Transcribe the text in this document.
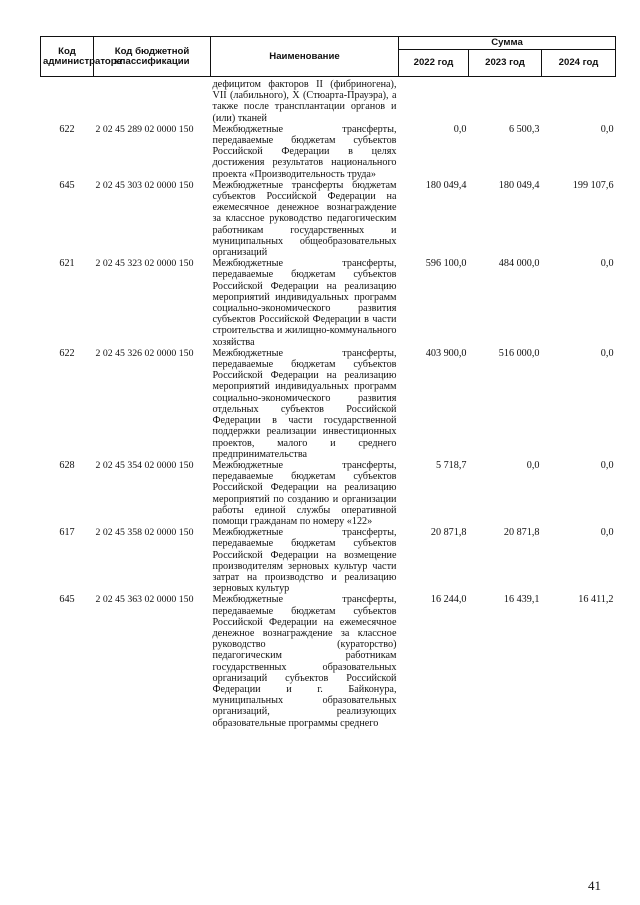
Код администратора	Код бюджетной классификации	Наименование	Сумма		
			2022 год	2023 год	2024 год
		дефицитом факторов II (фибриногена), VII (лабильного), X (Стюарта-Прауэра), а также после трансплантации органов и (или) тканей			
622	2 02 45 289 02 0000 150	Межбюджетные трансферты, передаваемые бюджетам субъектов Российской Федерации в целях достижения результатов национального проекта «Производительность труда»	0,0	6 500,3	0,0
645	2 02 45 303 02 0000 150	Межбюджетные трансферты бюджетам субъектов Российской Федерации на ежемесячное денежное вознаграждение за классное руководство педагогическим работникам государственных и муниципальных общеобразовательных организаций	180 049,4	180 049,4	199 107,6
621	2 02 45 323 02 0000 150	Межбюджетные трансферты, передаваемые бюджетам субъектов Российской Федерации на реализацию мероприятий индивидуальных программ социально-экономического развития субъектов Российской Федерации в части строительства и жилищно-коммунального хозяйства	596 100,0	484 000,0	0,0
622	2 02 45 326 02 0000 150	Межбюджетные трансферты, передаваемые бюджетам субъектов Российской Федерации на реализацию мероприятий индивидуальных программ социально-экономического развития отдельных субъектов Российской Федерации в части государственной поддержки реализации инвестиционных проектов, малого и среднего предпринимательства	403 900,0	516 000,0	0,0
628	2 02 45 354 02 0000 150	Межбюджетные трансферты, передаваемые бюджетам субъектов Российской Федерации на реализацию мероприятий по созданию и организации работы единой службы оперативной помощи гражданам по номеру «122»	5 718,7	0,0	0,0
617	2 02 45 358 02 0000 150	Межбюджетные трансферты, передаваемые бюджетам субъектов Российской Федерации на возмещение производителям зерновых культур части затрат на производство и реализацию зерновых культур	20 871,8	20 871,8	0,0
645	2 02 45 363 02 0000 150	Межбюджетные трансферты, передаваемые бюджетам субъектов Российской Федерации на ежемесячное денежное вознаграждение за классное руководство (кураторство) педагогическим работникам государственных образовательных организаций субъектов Российской Федерации и г. Байконура, муниципальных образовательных организаций, реализующих образовательные программы среднего	16 244,0	16 439,1	16 411,2
41
